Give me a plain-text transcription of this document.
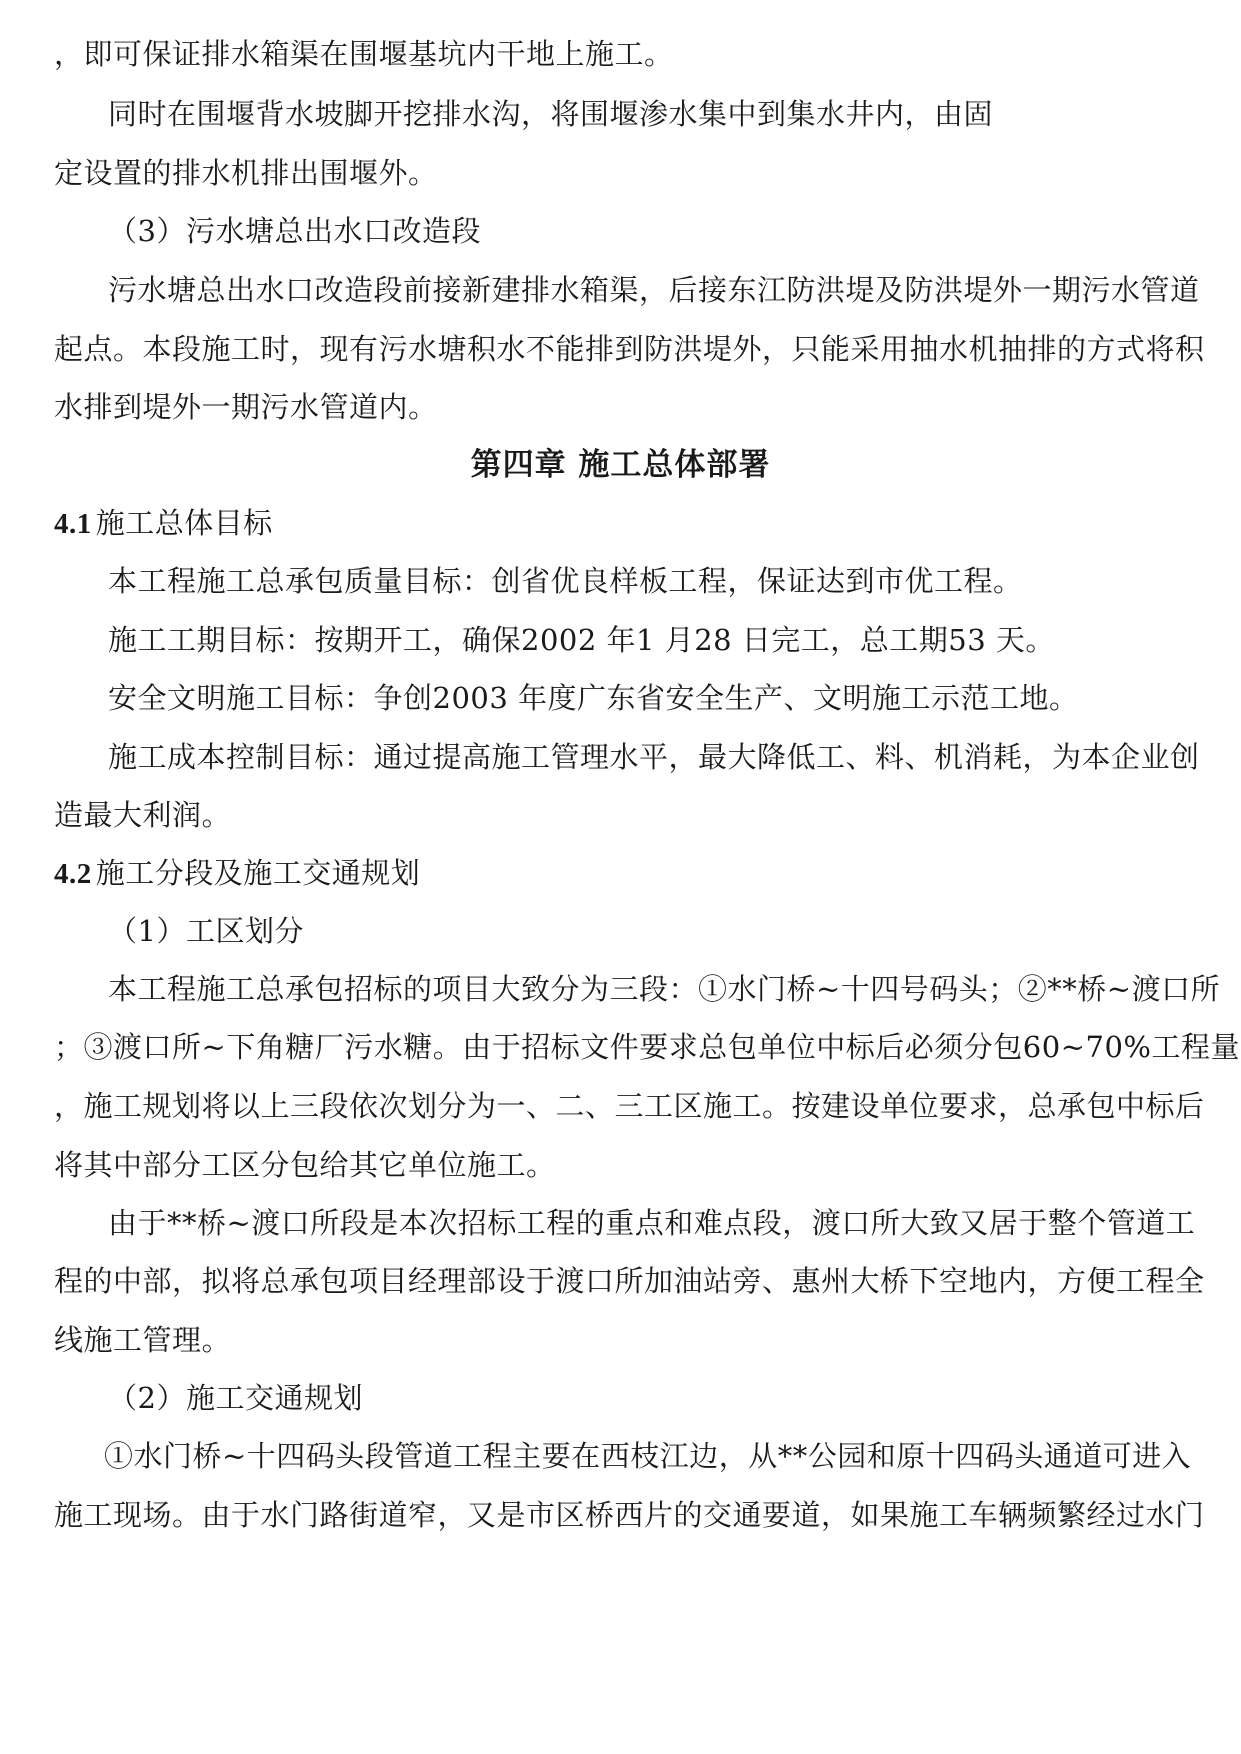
，即可保证排水箱渠在围堰基坑内干地上施工。
同时在围堰背水坡脚开挖排水沟，将围堰渗水集中到集水井内，由固
定设置的排水机排出围堰外。
（3）污水塘总出水口改造段
污水塘总出水口改造段前接新建排水箱渠，后接东江防洪堤及防洪堤外一期污水管道
起点。本段施工时，现有污水塘积水不能排到防洪堤外，只能采用抽水机抽排的方式将积
水排到堤外一期污水管道内。
第四章 施工总体部署
4.1 施工总体目标
本工程施工总承包质量目标：创省优良样板工程，保证达到市优工程。
施工工期目标：按期开工，确保2002 年1 月28 日完工，总工期53 天。
安全文明施工目标：争创2003 年度广东省安全生产、文明施工示范工地。
施工成本控制目标：通过提高施工管理水平，最大降低工、料、机消耗，为本企业创
造最大利润。
4.2 施工分段及施工交通规划
（1）工区划分
本工程施工总承包招标的项目大致分为三段：①水门桥~十四号码头；②**桥~渡口所
；③渡口所~下角糖厂污水糖。由于招标文件要求总包单位中标后必须分包60~70%工程量
，施工规划将以上三段依次划分为一、二、三工区施工。按建设单位要求，总承包中标后
将其中部分工区分包给其它单位施工。
由于**桥~渡口所段是本次招标工程的重点和难点段，渡口所大致又居于整个管道工
程的中部，拟将总承包项目经理部设于渡口所加油站旁、惠州大桥下空地内，方便工程全
线施工管理。
（2）施工交通规划
①水门桥~十四码头段管道工程主要在西枝江边，从**公园和原十四码头通道可进入
施工现场。由于水门路街道窄，又是市区桥西片的交通要道，如果施工车辆频繁经过水门
